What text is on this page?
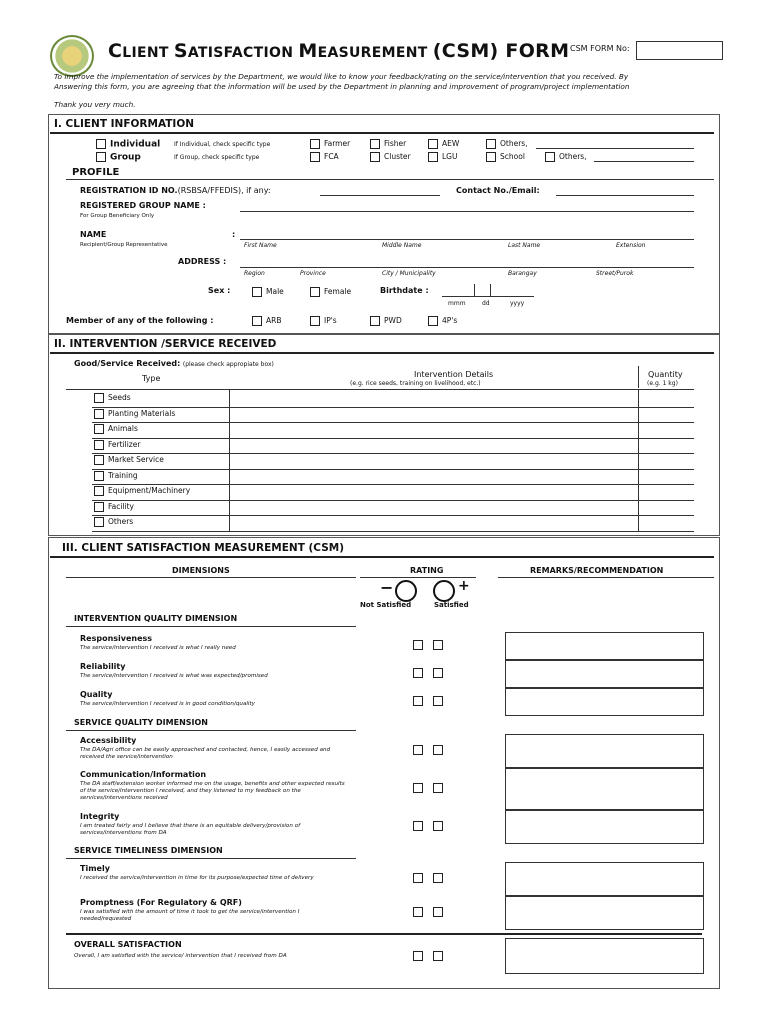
CLIENT SATISFACTION MEASUREMENT (CSM) FORM CSM FORM No:
To improve the implementation of services by the Department, we would like to know your feedback/rating on the service/intervention that you received. By
Answering this form, you are agreeing that the information will be used by the Department in planning and improvement of program/project implementation
Thank you very much.
I. CLIENT INFORMATION
Individual If Individual, check specific type	Farmer	Fisher	AEW	Others,
Group	If Group, check specific type	FCA	Cluster	LGU	School	Others,
PROFILE
REGISTRATION ID NO.(RSBSA/FFEDIS), if any:	Contact No./Email:
REGISTERED GROUP NAME :
For Group Beneficiary Only
NAME	:
Recipient/Group Representative	First Name	Middle Name	Last Name	Extension
ADDRESS :
Region	Province	City / Municipality	Barangay	Street/Purok
Sex :	Male	Female	Birthdate :
mmm	dd	yyyy
Member of any of the following :	ARB	IP's	PWD	4P's
II. INTERVENTION /SERVICE RECEIVED
Good/Service Received: (please check appropiate box)
Type	Intervention Details
(e.g. rice seeds, training on livelihood, etc.)
Quantity
(e.g. 1 kg)
Seeds
Planting Materials
Animals
Fertilizer
Market Service
Training
Equipment/Machinery
Facility
Others
III. CLIENT SATISFACTION MEASUREMENT (CSM)
DIMENSIONS	RATING	REMARKS/RECOMMENDATION
−	+
Not Satisfied	Satisfied
INTERVENTION QUALITY DIMENSION
Responsiveness
The service/intervention I received is what I really need
Reliability
The service/intervention I received is what was expected/promised
Quality
The service/intervention I received is in good condition/quality
SERVICE QUALITY DIMENSION
Accessibility
The DA/Agri office can be easily approached and contacted, hence, I easily accessed and received the service/intervention
Communication/Information
The DA staff/extension worker informed me on the usage, benefits and other expected results of the service/intervention I received, and they listened to my feedback on the services/interventions received
Integrity
I am treated fairly and I believe that there is an equitable delivery/provision of services/interventions from DA
SERVICE TIMELINESS DIMENSION
Timely
I received the service/intervention in time for its purpose/expected time of delivery
Promptness (For Regulatory & QRF)
I was satisfied with the amount of time it took to get the service/intervention I needed/requested
OVERALL SATISFACTION
Overall, I am satisfied with the service/ intervention that I received from DA
